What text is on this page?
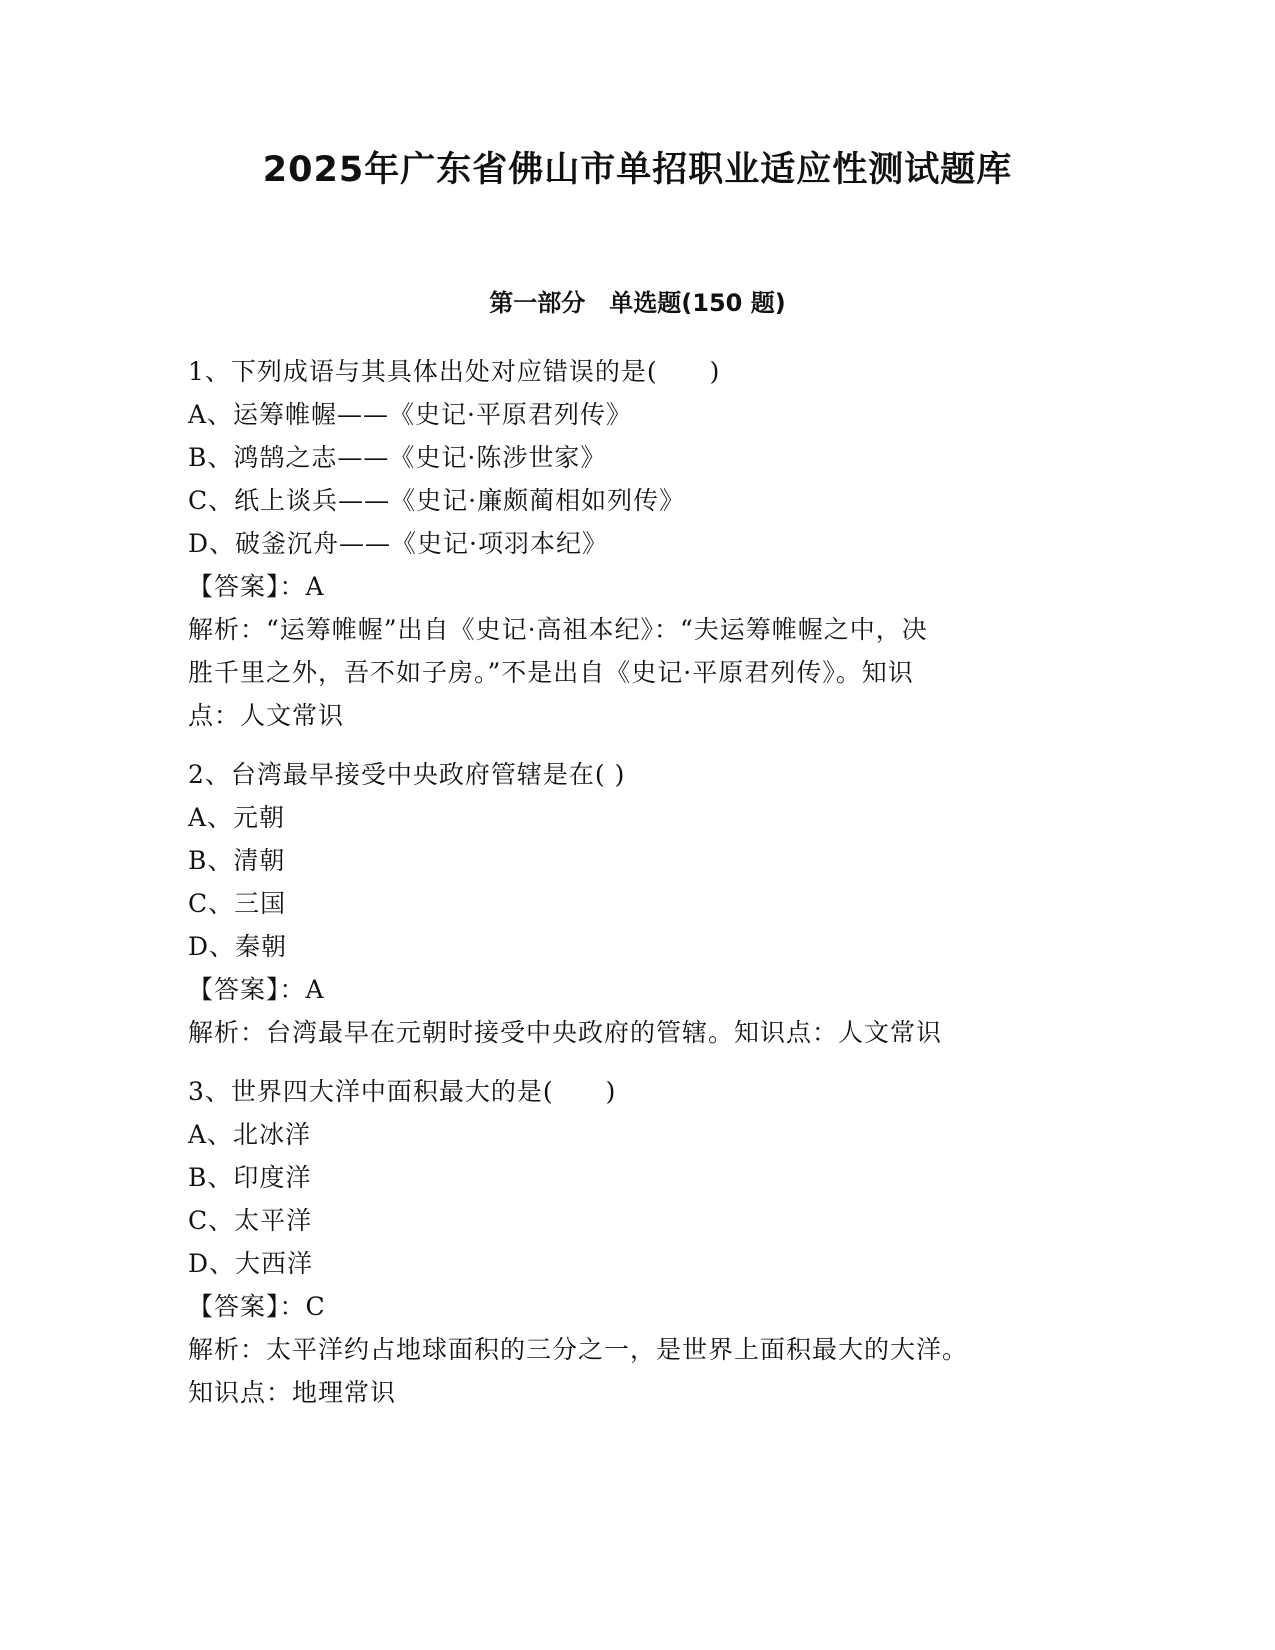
2025年广东省佛山市单招职业适应性测试题库
第一部分　单选题(150 题)
1、下列成语与其具体出处对应错误的是(　　)
A、运筹帷幄——《史记·平原君列传》
B、鸿鹄之志——《史记·陈涉世家》
C、纸上谈兵——《史记·廉颇蔺相如列传》
D、破釜沉舟——《史记·项羽本纪》
【答案】：A
解析：“运筹帷幄”出自《史记·高祖本纪》：“夫运筹帷幄之中，决
胜千里之外，吾不如子房。”不是出自《史记·平原君列传》。知识
点：人文常识
2、台湾最早接受中央政府管辖是在( )
A、元朝
B、清朝
C、三国
D、秦朝
【答案】：A
解析：台湾最早在元朝时接受中央政府的管辖。知识点：人文常识
3、世界四大洋中面积最大的是(　　)
A、北冰洋
B、印度洋
C、太平洋
D、大西洋
【答案】：C
解析：太平洋约占地球面积的三分之一，是世界上面积最大的大洋。
知识点：地理常识
